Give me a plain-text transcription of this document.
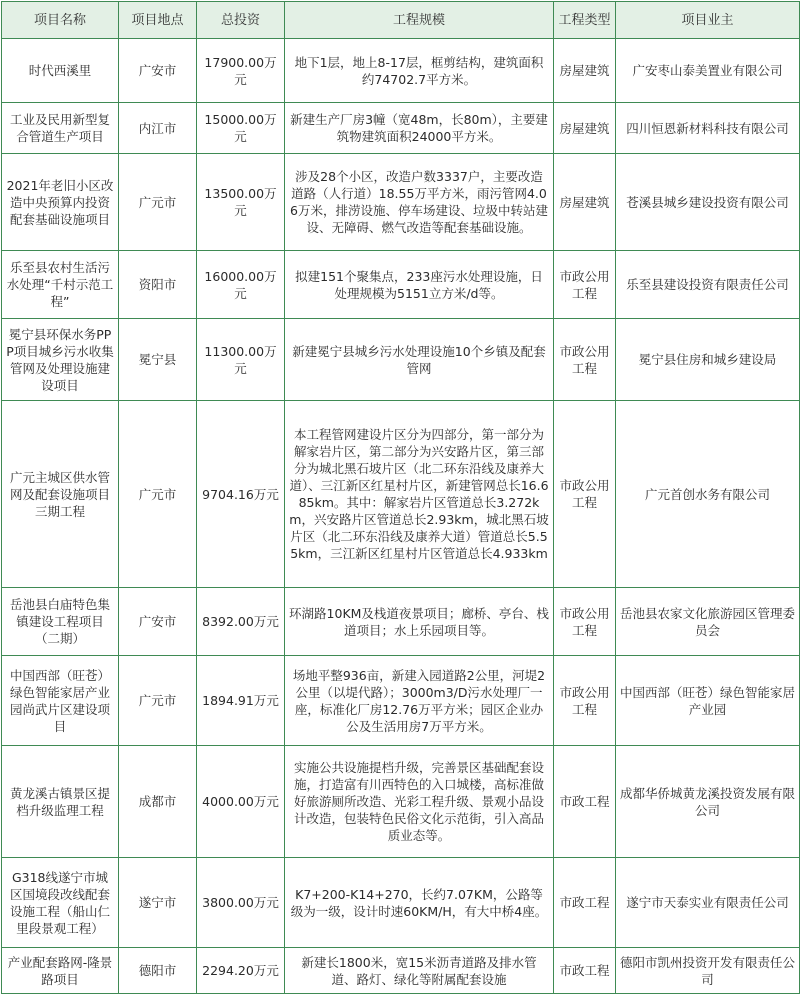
项目名称	项目地点	总投资	工程规模	工程类型	项目业主
时代西溪里	广安市	17900.00万元	地下1层，地上8-17层，框剪结构，建筑面积约74702.7平方米。	房屋建筑	广安枣山泰美置业有限公司
工业及民用新型复合管道生产项目	内江市	15000.00万元	新建生产厂房3幢（宽48m，长80m），主要建筑物建筑面积24000平方米。	房屋建筑	四川恒恩新材料科技有限公司
2021年老旧小区改造中央预算内投资配套基础设施项目	广元市	13500.00万元	涉及28个小区，改造户数3337户，主要改造道路（人行道）18.55万平方米，雨污管网4.06万米，排涝设施、停车场建设、垃圾中转站建设、无障碍、燃气改造等配套基础设施。	房屋建筑	苍溪县城乡建设投资有限公司
乐至县农村生活污水处理“千村示范工程”	资阳市	16000.00万元	拟建151个聚集点，233座污水处理设施，日处理规模为5151立方米/d等。	市政公用工程	乐至县建设投资有限责任公司
冕宁县环保水务PPP项目城乡污水收集管网及处理设施建设项目	冕宁县	11300.00万元	新建冕宁县城乡污水处理设施10个乡镇及配套管网	市政公用工程	冕宁县住房和城乡建设局
广元主城区供水管网及配套设施项目三期工程	广元市	9704.16万元	本工程管网建设片区分为四部分，第一部分为解家岩片区，第二部分为兴安路片区，第三部分为城北黑石坡片区（北二环东沿线及康养大道）、三江新区红星村片区，新建管网总长16.685km。其中：解家岩片区管道总长3.272km，兴安路片区管道总长2.93km，城北黑石坡片区（北二环东沿线及康养大道）管道总长5.55km，三江新区红星村片区管道总长4.933km	市政公用工程	广元首创水务有限公司
岳池县白庙特色集镇建设工程项目（二期）	广安市	8392.00万元	环湖路10KM及栈道夜景项目；廊桥、亭台、栈道项目；水上乐园项目等。	市政公用工程	岳池县农家文化旅游园区管理委员会
中国西部（旺苍）绿色智能家居产业园尚武片区建设项目	广元市	1894.91万元	场地平整936亩，新建入园道路2公里，河堤2公里（以堤代路）；3000m3/D污水处理厂一座，标准化厂房12.76万平方米；园区企业办公及生活用房7万平方米。	市政公用工程	中国西部（旺苍）绿色智能家居产业园
黄龙溪古镇景区提档升级监理工程	成都市	4000.00万元	实施公共设施提档升级，完善景区基础配套设施，打造富有川西特色的入口城楼，高标准做好旅游厕所改造、光彩工程升级、景观小品设计改造，包装特色民俗文化示范街，引入高品质业态等。	市政工程	成都华侨城黄龙溪投资发展有限公司
G318线遂宁市城区国境段改线配套设施工程（船山仁里段景观工程）	遂宁市	3800.00万元	K7+200-K14+270，长约7.07KM，公路等级为一级，设计时速60KM/H，有大中桥4座。	市政工程	遂宁市天泰实业有限责任公司
产业配套路网-隆景路项目	德阳市	2294.20万元	新建长1800米，宽15米沥青道路及排水管道、路灯、绿化等附属配套设施	市政工程	德阳市凯州投资开发有限责任公司
